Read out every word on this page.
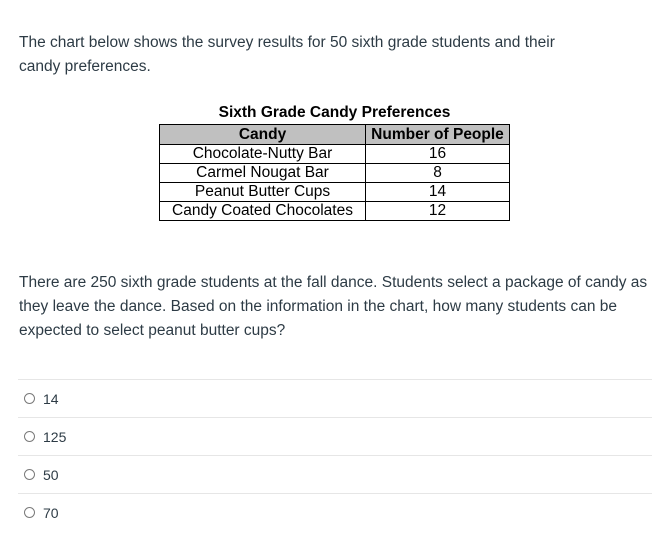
The chart below shows the survey results for 50 sixth grade students and their candy preferences.

Sixth Grade Candy Preferences
Candy	Number of People
Chocolate-Nutty Bar	16
Carmel Nougat Bar	8
Peanut Butter Cups	14
Candy Coated Chocolates	12

There are 250 sixth grade students at the fall dance. Students select a package of candy as they leave the dance. Based on the information in the chart, how many students can be expected to select peanut butter cups?

14
125
50
70
